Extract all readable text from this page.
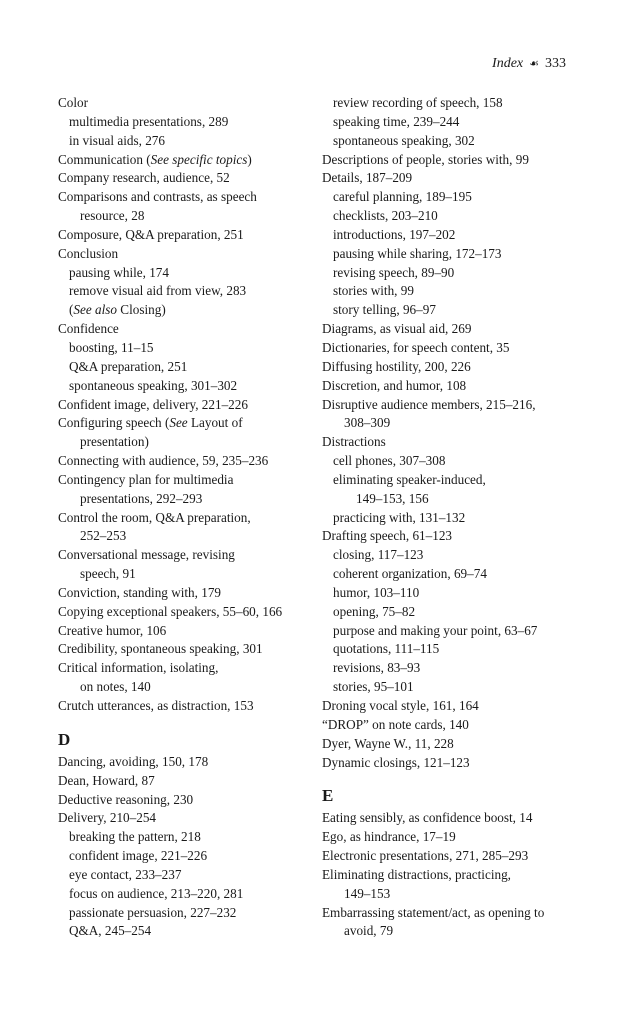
Index ☙ 333
Color
multimedia presentations, 289
in visual aids, 276
Communication (See specific topics)
Company research, audience, 52
Comparisons and contrasts, as speech
resource, 28
Composure, Q&A preparation, 251
Conclusion
pausing while, 174
remove visual aid from view, 283
(See also Closing)
Confidence
boosting, 11–15
Q&A preparation, 251
spontaneous speaking, 301–302
Confident image, delivery, 221–226
Configuring speech (See Layout of
presentation)
Connecting with audience, 59, 235–236
Contingency plan for multimedia
presentations, 292–293
Control the room, Q&A preparation,
252–253
Conversational message, revising
speech, 91
Conviction, standing with, 179
Copying exceptional speakers, 55–60, 166
Creative humor, 106
Credibility, spontaneous speaking, 301
Critical information, isolating,
on notes, 140
Crutch utterances, as distraction, 153
D
Dancing, avoiding, 150, 178
Dean, Howard, 87
Deductive reasoning, 230
Delivery, 210–254
breaking the pattern, 218
confident image, 221–226
eye contact, 233–237
focus on audience, 213–220, 281
passionate persuasion, 227–232
Q&A, 245–254
review recording of speech, 158
speaking time, 239–244
spontaneous speaking, 302
Descriptions of people, stories with, 99
Details, 187–209
careful planning, 189–195
checklists, 203–210
introductions, 197–202
pausing while sharing, 172–173
revising speech, 89–90
stories with, 99
story telling, 96–97
Diagrams, as visual aid, 269
Dictionaries, for speech content, 35
Diffusing hostility, 200, 226
Discretion, and humor, 108
Disruptive audience members, 215–216,
308–309
Distractions
cell phones, 307–308
eliminating speaker-induced,
149–153, 156
practicing with, 131–132
Drafting speech, 61–123
closing, 117–123
coherent organization, 69–74
humor, 103–110
opening, 75–82
purpose and making your point, 63–67
quotations, 111–115
revisions, 83–93
stories, 95–101
Droning vocal style, 161, 164
“DROP” on note cards, 140
Dyer, Wayne W., 11, 228
Dynamic closings, 121–123
E
Eating sensibly, as confidence boost, 14
Ego, as hindrance, 17–19
Electronic presentations, 271, 285–293
Eliminating distractions, practicing,
149–153
Embarrassing statement/act, as opening to
avoid, 79
